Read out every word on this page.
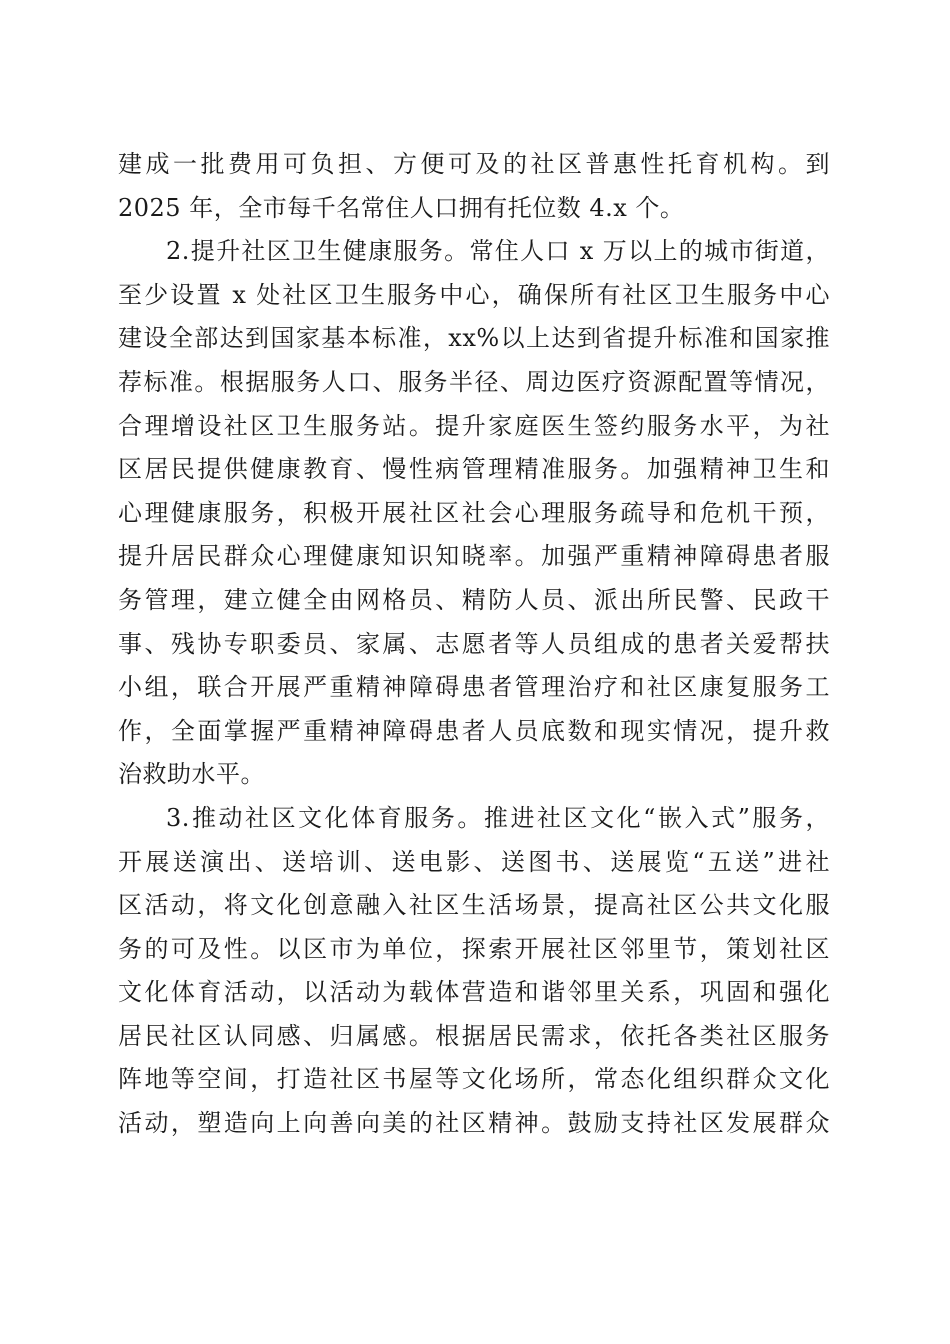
建成一批费用可负担、方便可及的社区普惠性托育机构。到
2025 年，全市每千名常住人口拥有托位数 4.x 个。
2.提升社区卫生健康服务。常住人口 x 万以上的城市街道，
至少设置 x 处社区卫生服务中心，确保所有社区卫生服务中心
建设全部达到国家基本标准，xx%以上达到省提升标准和国家推
荐标准。根据服务人口、服务半径、周边医疗资源配置等情况，
合理增设社区卫生服务站。提升家庭医生签约服务水平，为社
区居民提供健康教育、慢性病管理精准服务。加强精神卫生和
心理健康服务，积极开展社区社会心理服务疏导和危机干预，
提升居民群众心理健康知识知晓率。加强严重精神障碍患者服
务管理，建立健全由网格员、精防人员、派出所民警、民政干
事、残协专职委员、家属、志愿者等人员组成的患者关爱帮扶
小组，联合开展严重精神障碍患者管理治疗和社区康复服务工
作，全面掌握严重精神障碍患者人员底数和现实情况，提升救
治救助水平。
3.推动社区文化体育服务。推进社区文化“嵌入式”服务，
开展送演出、送培训、送电影、送图书、送展览“五送”进社
区活动，将文化创意融入社区生活场景，提高社区公共文化服
务的可及性。以区市为单位，探索开展社区邻里节，策划社区
文化体育活动，以活动为载体营造和谐邻里关系，巩固和强化
居民社区认同感、归属感。根据居民需求，依托各类社区服务
阵地等空间，打造社区书屋等文化场所，常态化组织群众文化
活动，塑造向上向善向美的社区精神。鼓励支持社区发展群众
